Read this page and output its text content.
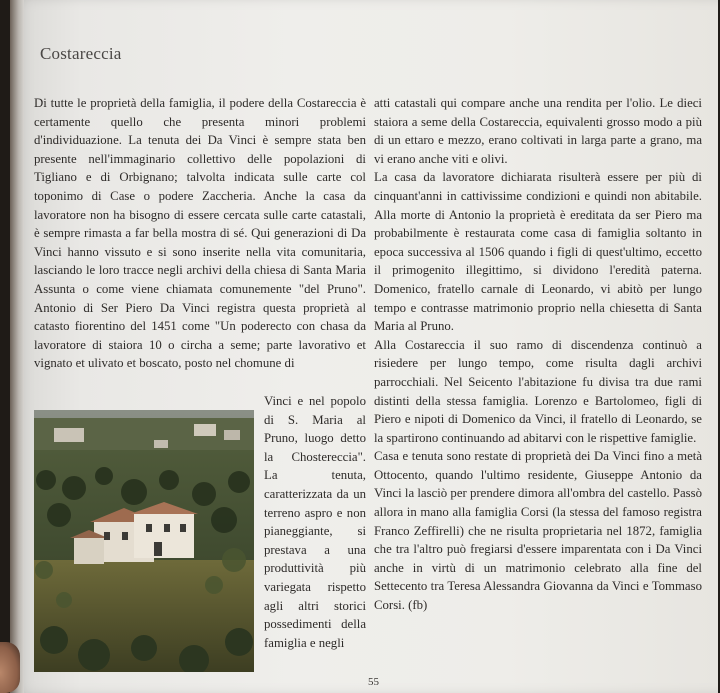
Costareccia

Di tutte le proprietà della famiglia, il podere della Costareccia è certamente quello che presenta minori problemi d'individuazione. La tenuta dei Da Vinci è sempre stata ben presente nell'immaginario collettivo delle popolazioni di Tigliano e di Orbignano; talvolta indicata sulle carte col toponimo di Case o podere Zaccheria. Anche la casa da lavoratore non ha bisogno di essere cercata sulle carte catastali, è sempre rimasta a far bella mostra di sé. Qui generazioni di Da Vinci hanno vissuto e si sono inserite nella vita comunitaria, lasciando le loro tracce negli archivi della chiesa di Santa Maria Assunta o come viene chiamata comunemente "del Pruno". Antonio di Ser Piero Da Vinci registra questa proprietà al catasto fiorentino del 1451 come "Un poderecto con chasa da lavoratore di staiora 10 o circha a seme; parte lavorativo et vignato et ulivato et boscato, posto nel chomune di

Vinci e nel popolo di S. Maria al Pruno, luogo detto la Chostereccia". La tenuta, caratterizzata da un terreno aspro e non pianeggiante, si prestava a una produttività più variegata rispetto agli altri storici possedimenti della famiglia e negli

atti catastali qui compare anche una rendita per l'olio. Le dieci staiora a seme della Costareccia, equivalenti grosso modo a più di un ettaro e mezzo, erano coltivati in larga parte a grano, ma vi erano anche viti e olivi.

La casa da lavoratore dichiarata risulterà essere per più di cinquant'anni in cattivissime condizioni e quindi non abitabile. Alla morte di Antonio la proprietà è ereditata da ser Piero ma probabilmente è restaurata come casa di famiglia soltanto in epoca successiva al 1506 quando i figli di quest'ultimo, eccetto il primogenito illegittimo, si dividono l'eredità paterna. Domenico, fratello carnale di Leonardo, vi abitò per lungo tempo e contrasse matrimonio proprio nella chiesetta di Santa Maria al Pruno.

Alla Costareccia il suo ramo di discendenza continuò a risiedere per lungo tempo, come risulta dagli archivi parrocchiali. Nel Seicento l'abitazione fu divisa tra due rami distinti della stessa famiglia. Lorenzo e Bartolomeo, figli di Piero e nipoti di Domenico da Vinci, il fratello di Leonardo, se la spartirono continuando ad abitarvi con le rispettive famiglie.

Casa e tenuta sono restate di proprietà dei Da Vinci fino a metà Ottocento, quando l'ultimo residente, Giuseppe Antonio da Vinci la lasciò per prendere dimora all'ombra del castello. Passò allora in mano alla famiglia Corsi (la stessa del famoso registra Franco Zeffirelli) che ne risulta proprietaria nel 1872, famiglia che tra l'altro può fregiarsi d'essere imparentata con i Da Vinci anche in virtù di un matrimonio celebrato alla fine del Settecento tra Teresa Alessandra Giovanna da Vinci e Tommaso Corsi. (fb)

55
